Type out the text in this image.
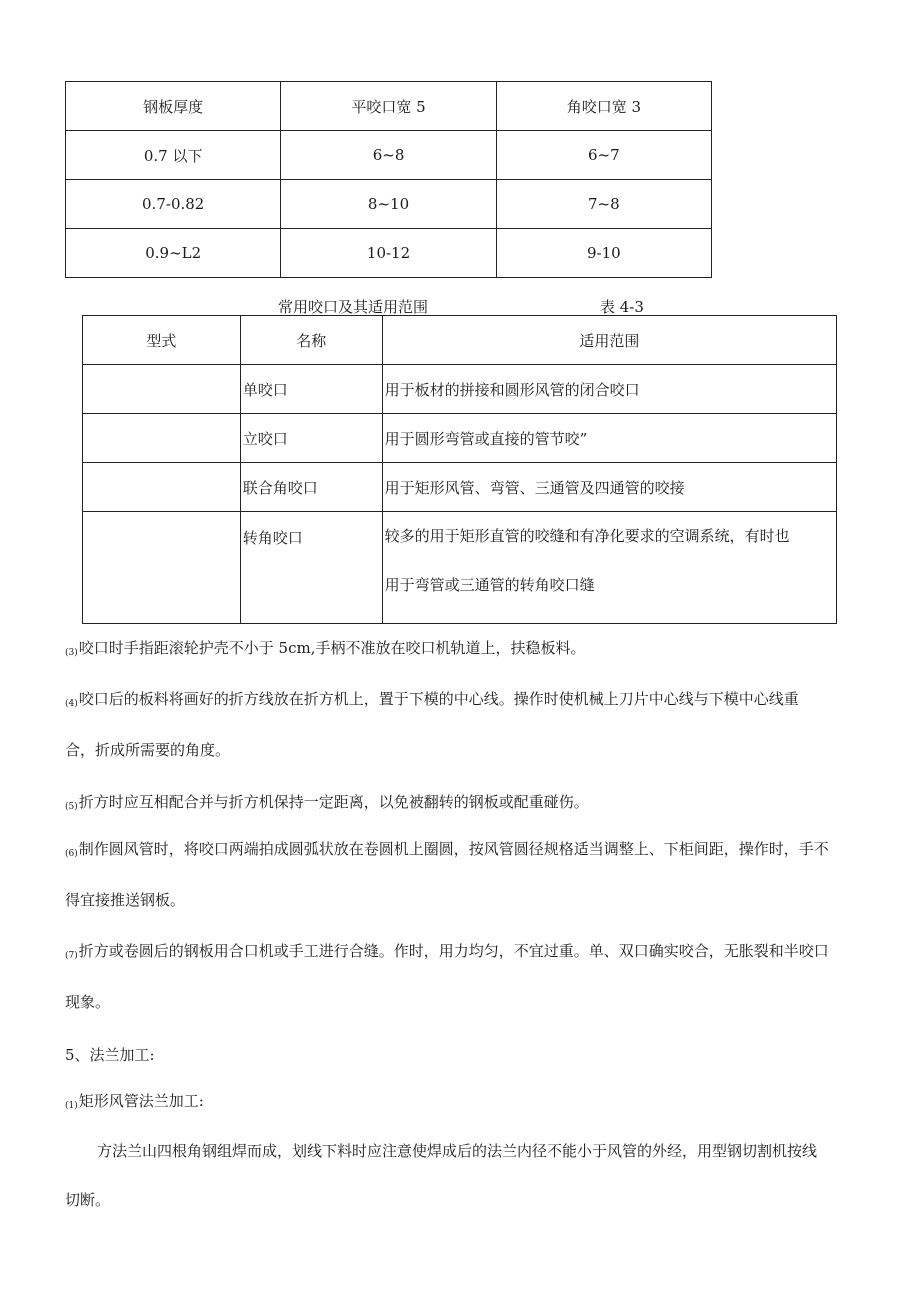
钢板厚度	平咬口宽 5	角咬口宽 3
0.7 以下	6~8	6~7
0.7-0.82	8~10	7~8
0.9~L2	10-12	9-10
常用咬口及其适用范围	表 4-3
型式	名称	适用范围
	单咬口	用于板材的拼接和圆形风管的闭合咬口
	立咬口	用于圆形弯管或直接的管节咬”
	联合角咬口	用于矩形风管、弯管、三通管及四通管的咬接
	转角咬口	较多的用于矩形直管的咬缝和有净化要求的空调系统，有时也
用于弯管或三通管的转角咬口缝
(3)咬口时手指距滚轮护壳不小于 5cm,手柄不准放在咬口机轨道上，扶稳板料。
(4)咬口后的板料将画好的折方线放在折方机上，置于下模的中心线。操作时使机械上刀片中心线与下模中心线重
合，折成所需要的角度。
(5)折方时应互相配合并与折方机保持一定距离，以免被翻转的钢板或配重碰伤。
(6)制作圆风管时，将咬口两端拍成圆弧状放在卷圆机上圈圆，按风管圆径规格适当调整上、下柜间距，操作时，手不
得宜接推送钢板。
(7)折方或卷圆后的钢板用合口机或手工进行合缝。作时，用力均匀，不宜过重。单、双口确实咬合，无胀裂和半咬口
现象。
5、法兰加工:
(1)矩形风管法兰加工:
方法兰山四根角钢组焊而成，划线下料时应注意使焊成后的法兰内径不能小于风管的外经，用型钢切割机按线
切断。
